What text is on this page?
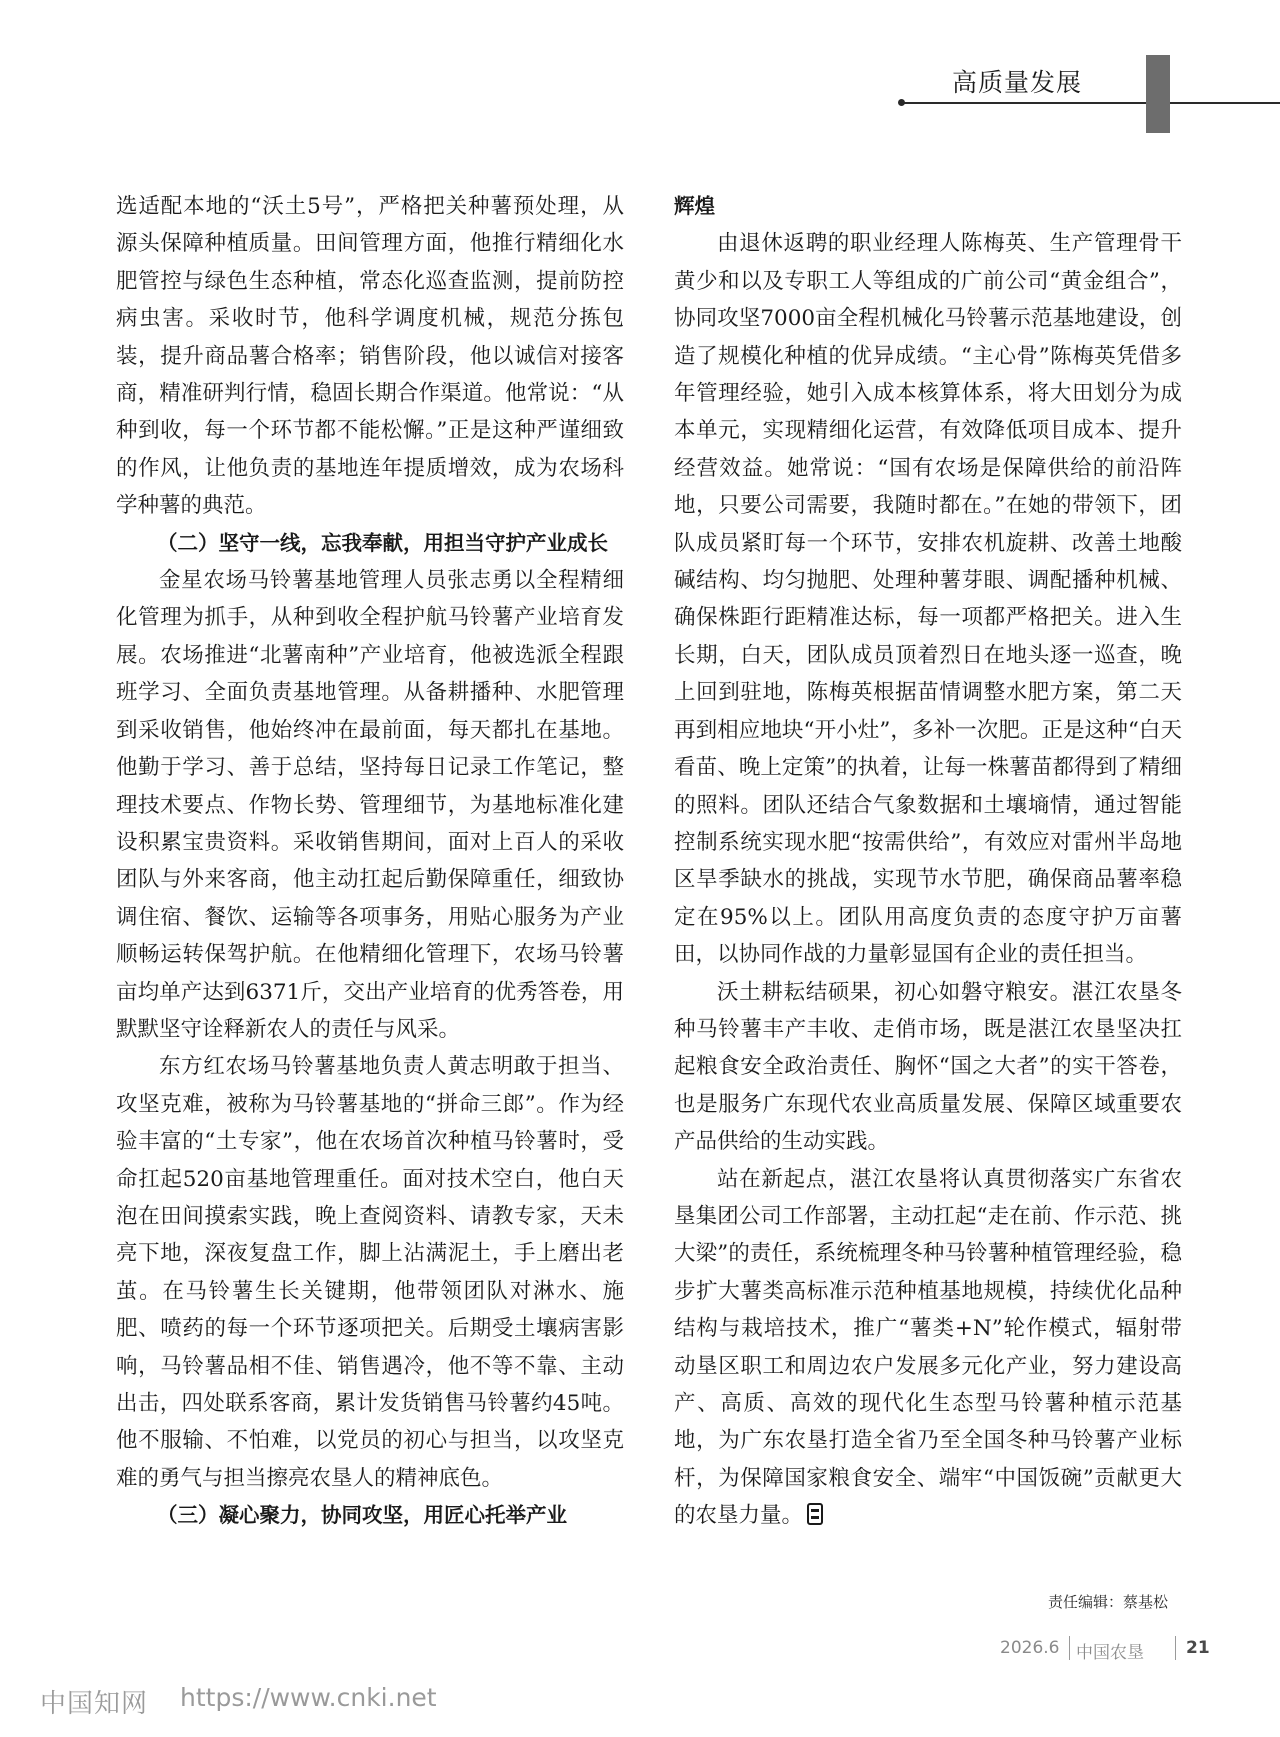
高质量发展

选适配本地的“沃土5号”，严格把关种薯预处理，从源头保障种植质量。田间管理方面，他推行精细化水肥管控与绿色生态种植，常态化巡查监测，提前防控病虫害。采收时节，他科学调度机械，规范分拣包装，提升商品薯合格率；销售阶段，他以诚信对接客商，精准研判行情，稳固长期合作渠道。他常说：“从种到收，每一个环节都不能松懈。”正是这种严谨细致的作风，让他负责的基地连年提质增效，成为农场科学种薯的典范。

（二）坚守一线，忘我奉献，用担当守护产业成长

金星农场马铃薯基地管理人员张志勇以全程精细化管理为抓手，从种到收全程护航马铃薯产业培育发展。农场推进“北薯南种”产业培育，他被选派全程跟班学习、全面负责基地管理。从备耕播种、水肥管理到采收销售，他始终冲在最前面，每天都扎在基地。他勤于学习、善于总结，坚持每日记录工作笔记，整理技术要点、作物长势、管理细节，为基地标准化建设积累宝贵资料。采收销售期间，面对上百人的采收团队与外来客商，他主动扛起后勤保障重任，细致协调住宿、餐饮、运输等各项事务，用贴心服务为产业顺畅运转保驾护航。在他精细化管理下，农场马铃薯亩均单产达到6371斤，交出产业培育的优秀答卷，用默默坚守诠释新农人的责任与风采。

东方红农场马铃薯基地负责人黄志明敢于担当、攻坚克难，被称为马铃薯基地的“拼命三郎”。作为经验丰富的“土专家”，他在农场首次种植马铃薯时，受命扛起520亩基地管理重任。面对技术空白，他白天泡在田间摸索实践，晚上查阅资料、请教专家，天未亮下地，深夜复盘工作，脚上沾满泥土，手上磨出老茧。在马铃薯生长关键期，他带领团队对淋水、施肥、喷药的每一个环节逐项把关。后期受土壤病害影响，马铃薯品相不佳、销售遇冷，他不等不靠、主动出击，四处联系客商，累计发货销售马铃薯约45吨。他不服输、不怕难，以党员的初心与担当，以攻坚克难的勇气与担当擦亮农垦人的精神底色。

（三）凝心聚力，协同攻坚，用匠心托举产业

辉煌

由退休返聘的职业经理人陈梅英、生产管理骨干黄少和以及专职工人等组成的广前公司“黄金组合”，协同攻坚7000亩全程机械化马铃薯示范基地建设，创造了规模化种植的优异成绩。“主心骨”陈梅英凭借多年管理经验，她引入成本核算体系，将大田划分为成本单元，实现精细化运营，有效降低项目成本、提升经营效益。她常说：“国有农场是保障供给的前沿阵地，只要公司需要，我随时都在。”在她的带领下，团队成员紧盯每一个环节，安排农机旋耕、改善土地酸碱结构、均匀抛肥、处理种薯芽眼、调配播种机械、确保株距行距精准达标，每一项都严格把关。进入生长期，白天，团队成员顶着烈日在地头逐一巡查，晚上回到驻地，陈梅英根据苗情调整水肥方案，第二天再到相应地块“开小灶”，多补一次肥。正是这种“白天看苗、晚上定策”的执着，让每一株薯苗都得到了精细的照料。团队还结合气象数据和土壤墒情，通过智能控制系统实现水肥“按需供给”，有效应对雷州半岛地区旱季缺水的挑战，实现节水节肥，确保商品薯率稳定在95%以上。团队用高度负责的态度守护万亩薯田，以协同作战的力量彰显国有企业的责任担当。

沃土耕耘结硕果，初心如磐守粮安。湛江农垦冬种马铃薯丰产丰收、走俏市场，既是湛江农垦坚决扛起粮食安全政治责任、胸怀“国之大者”的实干答卷，也是服务广东现代农业高质量发展、保障区域重要农产品供给的生动实践。

站在新起点，湛江农垦将认真贯彻落实广东省农垦集团公司工作部署，主动扛起“走在前、作示范、挑大梁”的责任，系统梳理冬种马铃薯种植管理经验，稳步扩大薯类高标准示范种植基地规模，持续优化品种结构与栽培技术，推广“薯类+N”轮作模式，辐射带动垦区职工和周边农户发展多元化产业，努力建设高产、高质、高效的现代化生态型马铃薯种植示范基地，为广东农垦打造全省乃至全国冬种马铃薯产业标杆，为保障国家粮食安全、端牢“中国饭碗”贡献更大的农垦力量。

责任编辑：蔡基松
2026.6 中国农垦 21
中国知网 https://www.cnki.net
